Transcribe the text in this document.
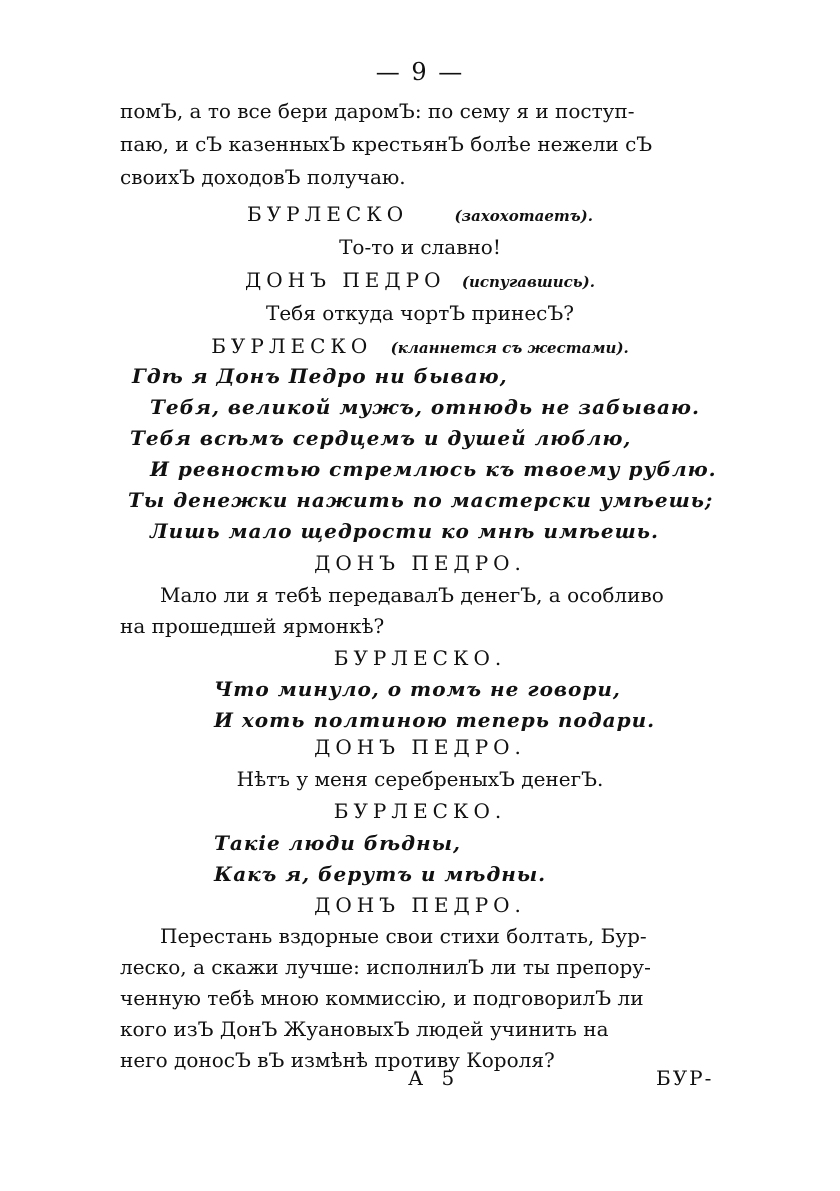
— 9 —
помЪ, а то все бери даромЪ: по сему я и поступ-
паю, и сЪ казенныхЪ крестьянЪ болѣе нежели сЪ
своихЪ доходовЪ получаю.
БУРЛЕСКО	(захохотаетъ).
То-то и славно!
ДОНЪ ПЕДРО (испугавшись).
Тебя откуда чортЪ принесЪ?
БУРЛЕСКО (кланнется съ жестами).
Гдѣ я Донъ Педро ни бываю,
Тебя, великой мужъ, отнюдь не забываю.
Тебя всѣмъ сердцемъ и душей люблю,
И ревностью стремлюсь къ твоему рублю.
Ты денежки нажить по мастерски умѣешь;
Лишь мало щедрости ко мнѣ имѣешь.
ДОНЪ ПЕДРО.
Мало ли я тебѣ передавалЪ денегЪ, а особливо
на прошедшей ярмонкѣ?
БУРЛЕСКО.
Что минуло, о томъ не говори,
И хоть полтиною теперь подари.
ДОНЪ ПЕДРО.
Нѣтъ у меня серебреныхЪ денегЪ.
БУРЛЕСКО.
Такіе люди бѣдны,
Какъ я, берутъ и мѣдны.
ДОНЪ ПЕДРО.
Перестань вздорные свои стихи болтать, Бур-
леско, а скажи лучше: исполнилЪ ли ты препору-
ченную тебѣ мною коммиссію, и подговорилЪ ли
кого изЪ ДонЪ ЖуановыхЪ людей учинить на
него доносЪ вЪ измѣнѣ противу Короля?
А 5	БУР-
